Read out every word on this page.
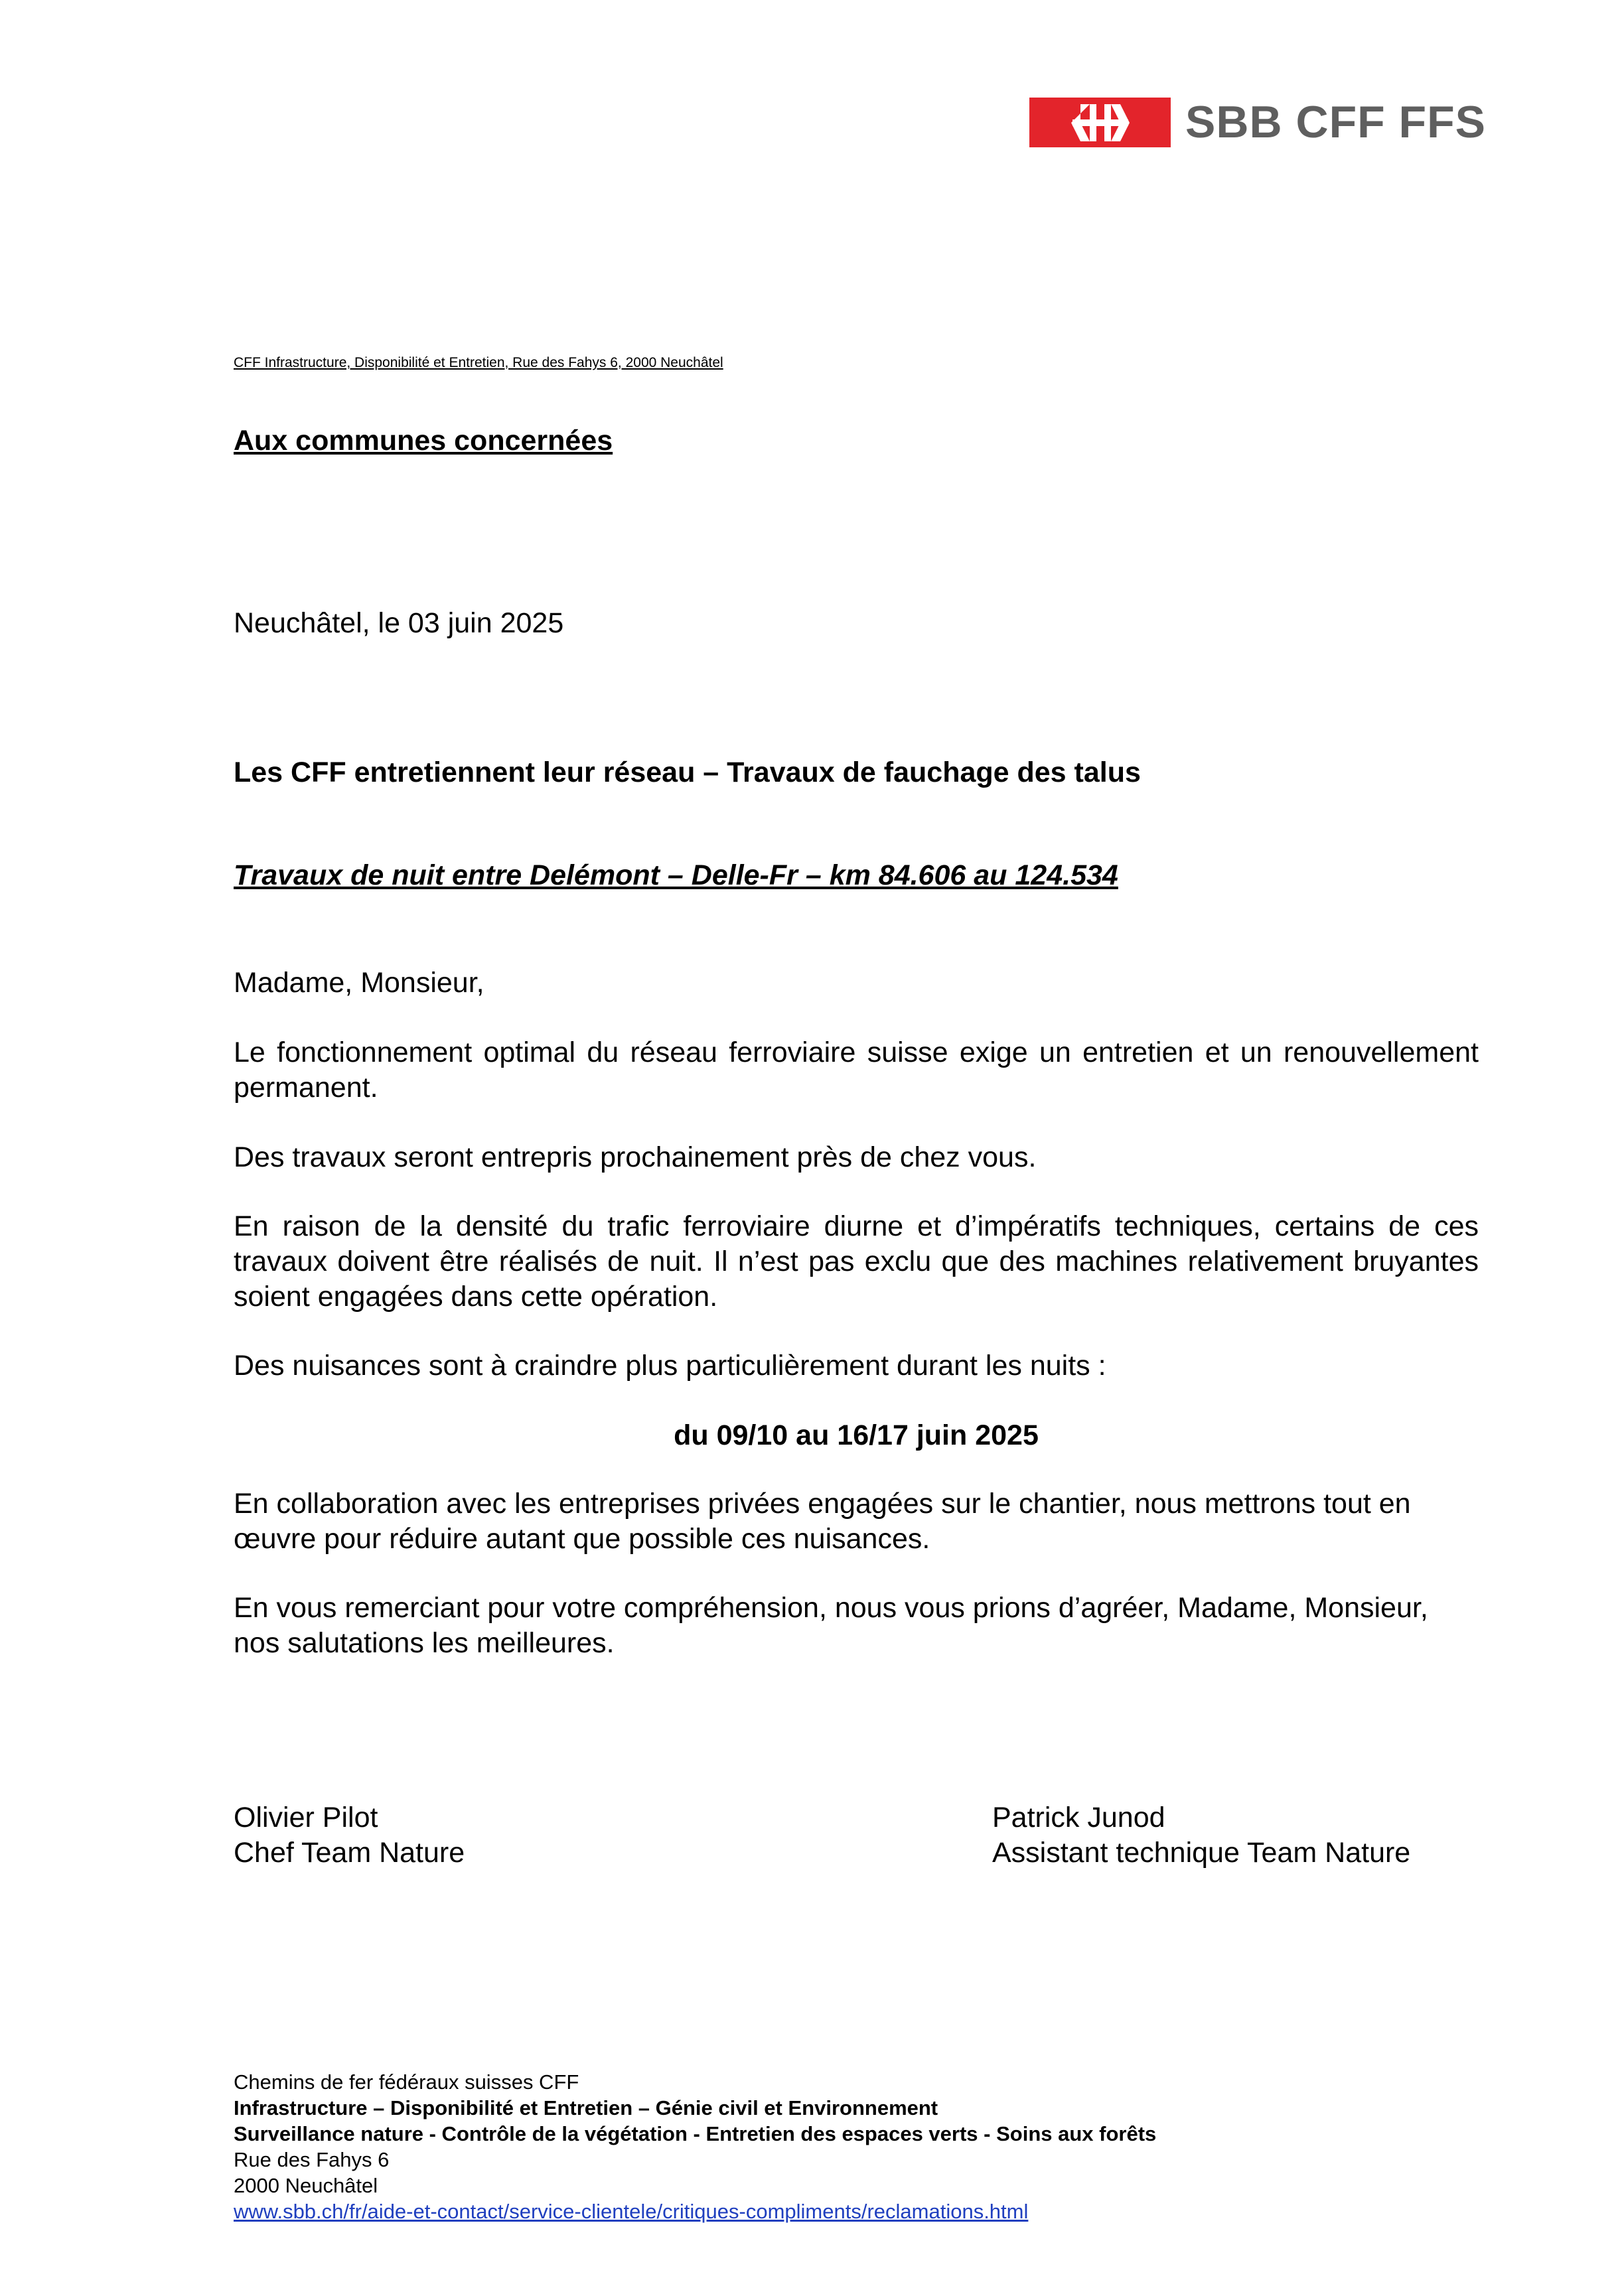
SBB CFF FFS
CFF Infrastructure, Disponibilité et Entretien, Rue des Fahys 6, 2000 Neuchâtel
Aux communes concernées
Neuchâtel, le 03 juin 2025
Les CFF entretiennent leur réseau – Travaux de fauchage des talus
Travaux de nuit entre Delémont – Delle-Fr – km 84.606 au 124.534
Madame, Monsieur,
Le fonctionnement optimal du réseau ferroviaire suisse exige un entretien et un renouvellement permanent.
Des travaux seront entrepris prochainement près de chez vous.
En raison de la densité du trafic ferroviaire diurne et d’impératifs techniques, certains de ces travaux doivent être réalisés de nuit. Il n’est pas exclu que des machines relativement bruyantes soient engagées dans cette opération.
Des nuisances sont à craindre plus particulièrement durant les nuits :
du 09/10 au 16/17 juin 2025
En collaboration avec les entreprises privées engagées sur le chantier, nous mettrons tout en œuvre pour réduire autant que possible ces nuisances.
En vous remerciant pour votre compréhension, nous vous prions d’agréer, Madame, Monsieur, nos salutations les meilleures.
Olivier Pilot
Chef Team Nature
Patrick Junod
Assistant technique Team Nature
Chemins de fer fédéraux suisses CFF
Infrastructure – Disponibilité et Entretien – Génie civil et Environnement
Surveillance nature - Contrôle de la végétation - Entretien des espaces verts - Soins aux forêts
Rue des Fahys 6
2000 Neuchâtel
www.sbb.ch/fr/aide-et-contact/service-clientele/critiques-compliments/reclamations.html
